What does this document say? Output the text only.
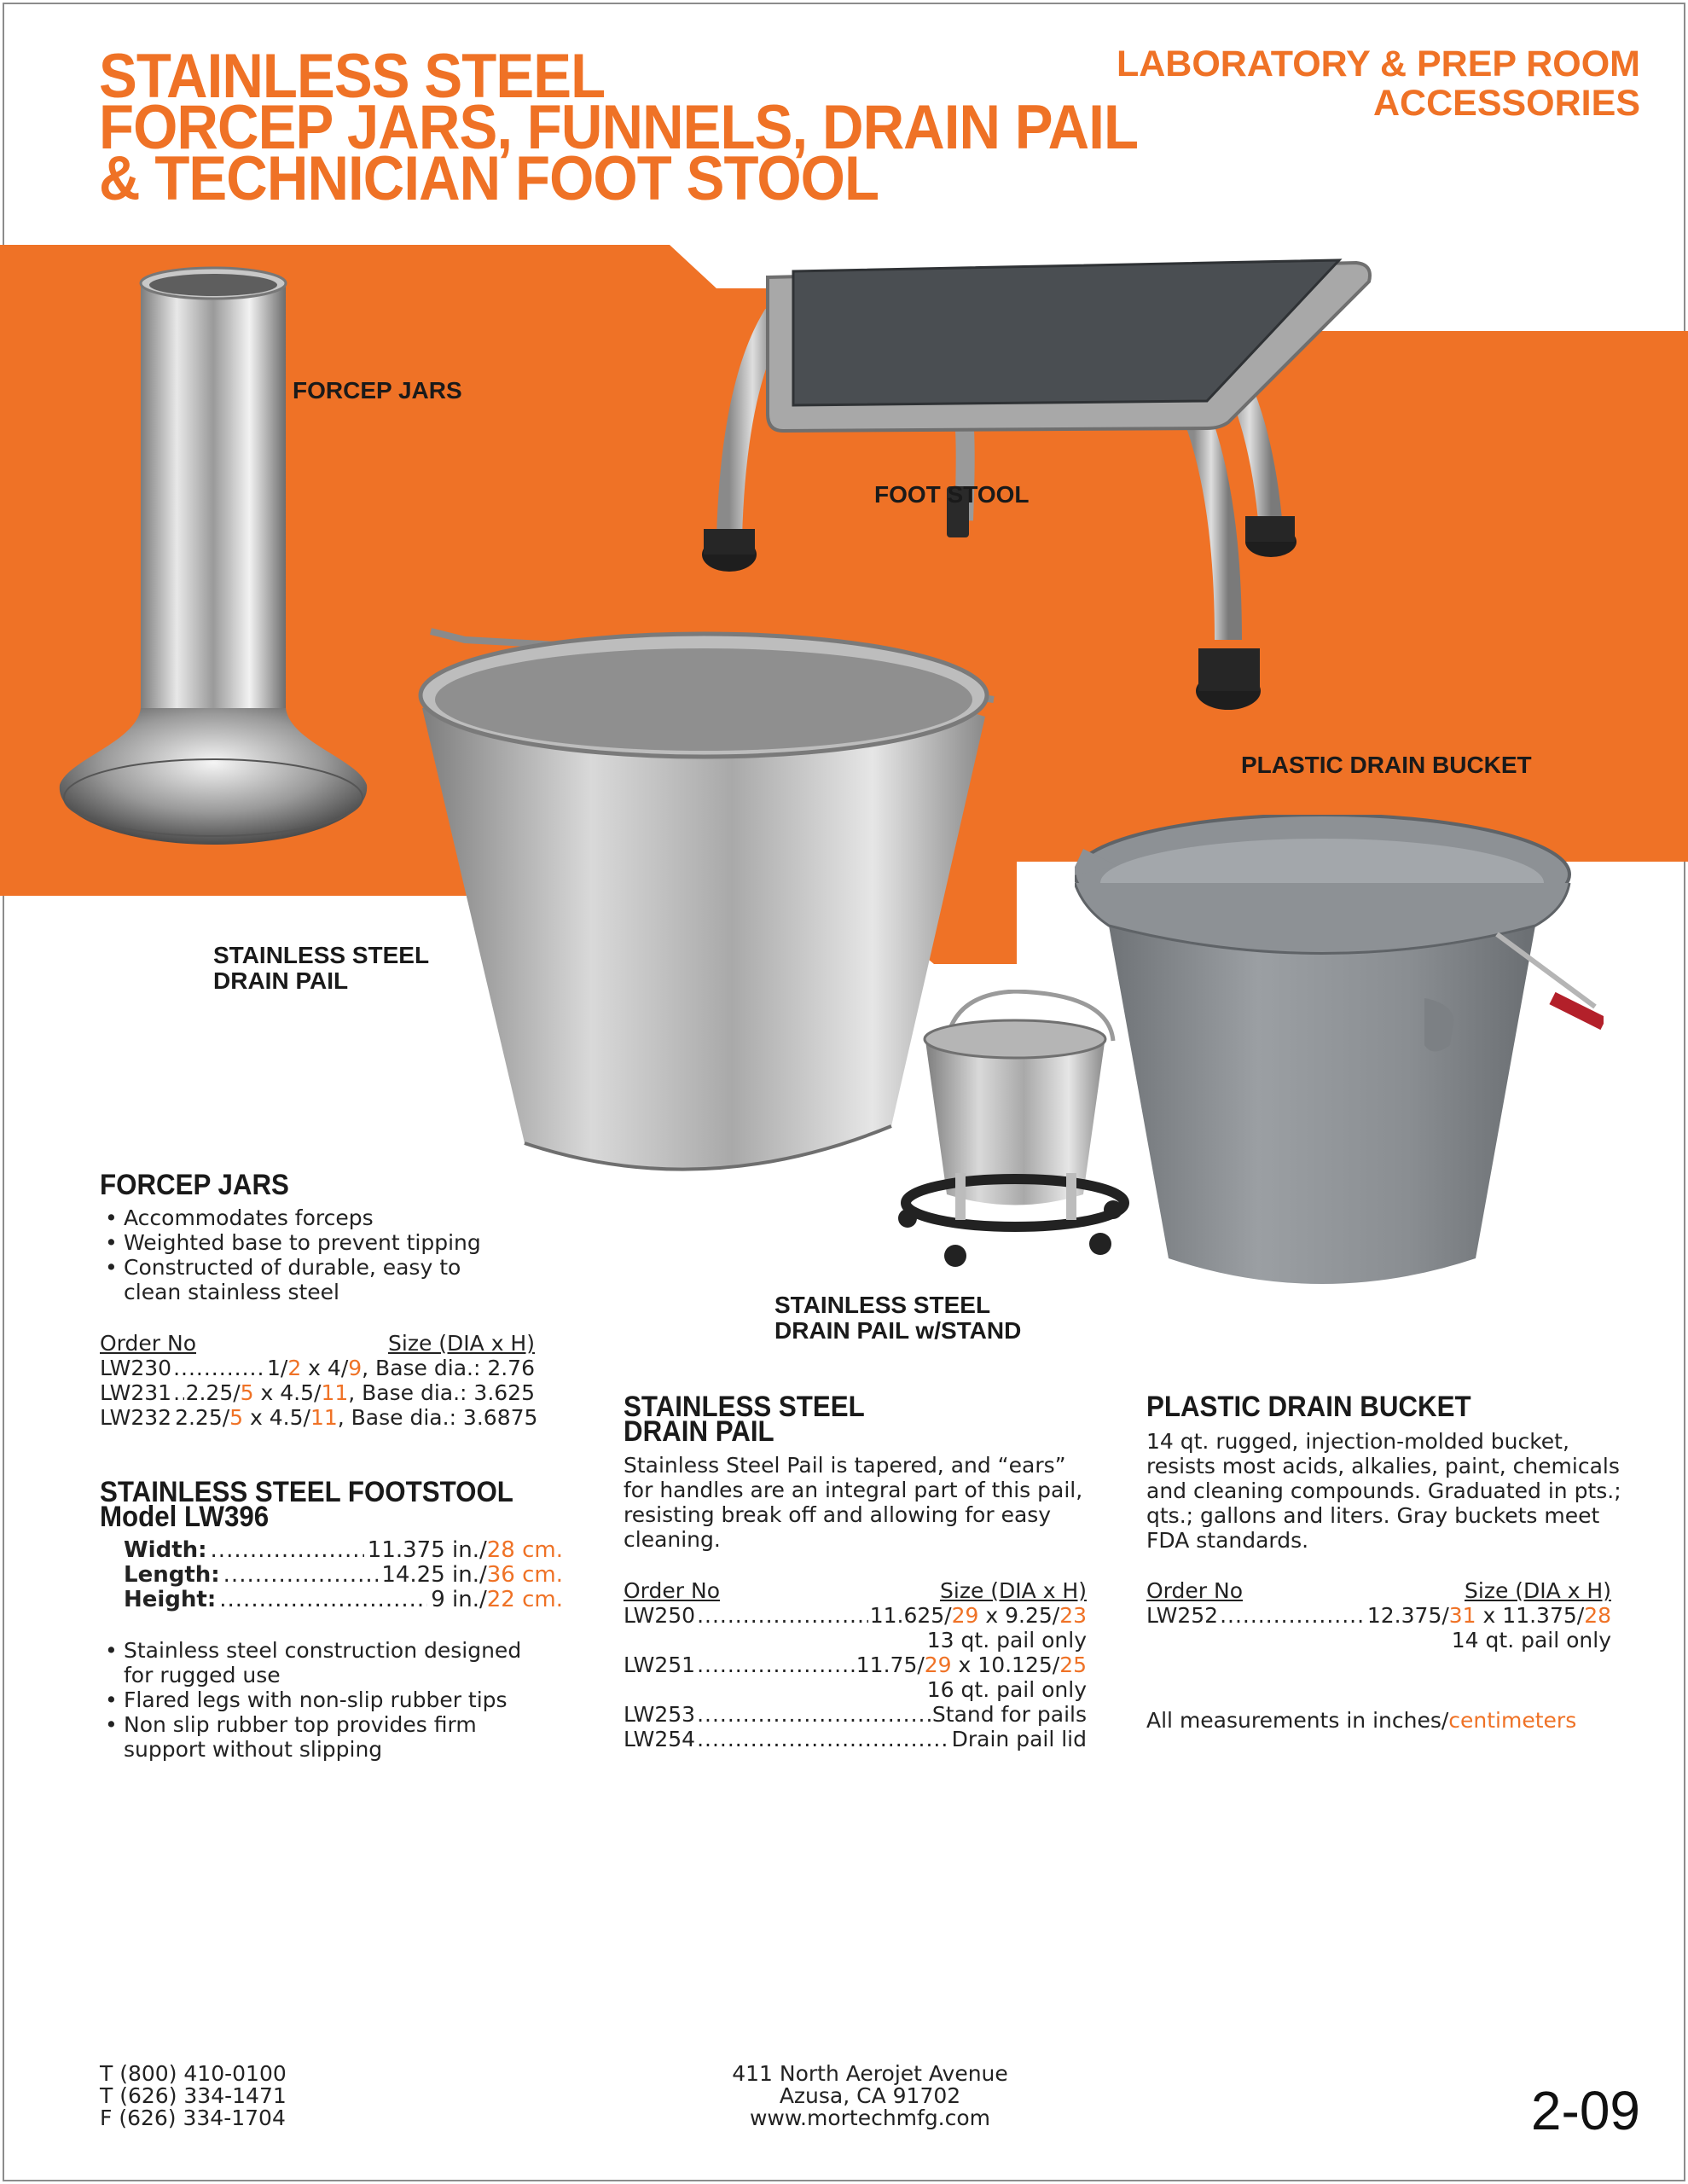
STAINLESS STEEL
FORCEP JARS, FUNNELS, DRAIN PAIL
& TECHNICIAN FOOT STOOL
LABORATORY & PREP ROOM
ACCESSORIES
FORCEP JARS
FOOT STOOL
PLASTIC DRAIN BUCKET
STAINLESS STEEL
DRAIN PAIL
STAINLESS STEEL
DRAIN PAIL w/STAND
FORCEP JARS
• Accommodates forceps
• Weighted base to prevent tipping
• Constructed of durable, easy to
clean stainless steel
Order No	Size (DIA x H)
LW230 .....	1/2 x 4/9, Base dia.: 2.76
LW231 ..... 2.25/5 x 4.5/11, Base dia.: 3.625
LW232 2.25/5 x 4.5/11, Base dia.: 3.6875
STAINLESS STEEL FOOTSTOOL
Model LW396
Width: .....	11.375 in./28 cm.
Length: .....	14.25 in./36 cm.
Height: .....	9 in./22 cm.
• Stainless steel construction designed
for rugged use
• Flared legs with non-slip rubber tips
• Non slip rubber top provides firm
support without slipping
STAINLESS STEEL
DRAIN PAIL
Stainless Steel Pail is tapered, and “ears” for handles are an integral part of this pail, resisting break off and allowing for easy cleaning.
Order No	Size (DIA x H)
LW250 .....	11.625/29 x 9.25/23
13 qt. pail only
LW251 .....	11.75/29 x 10.125/25
16 qt. pail only
LW253 .....	Stand for pails
LW254 .....	Drain pail lid
PLASTIC DRAIN BUCKET
14 qt. rugged, injection-molded bucket, resists most acids, alkalies, paint, chemicals and cleaning compounds. Graduated in pts.; qts.; gallons and liters. Gray buckets meet FDA standards.
Order No	Size (DIA x H)
LW252 .....	12.375/31 x 11.375/28
14 qt. pail only
All measurements in inches/centimeters
T (800) 410-0100
T (626) 334-1471
F (626) 334-1704
411 North Aerojet Avenue
Azusa, CA 91702
www.mortechmfg.com	2-09
